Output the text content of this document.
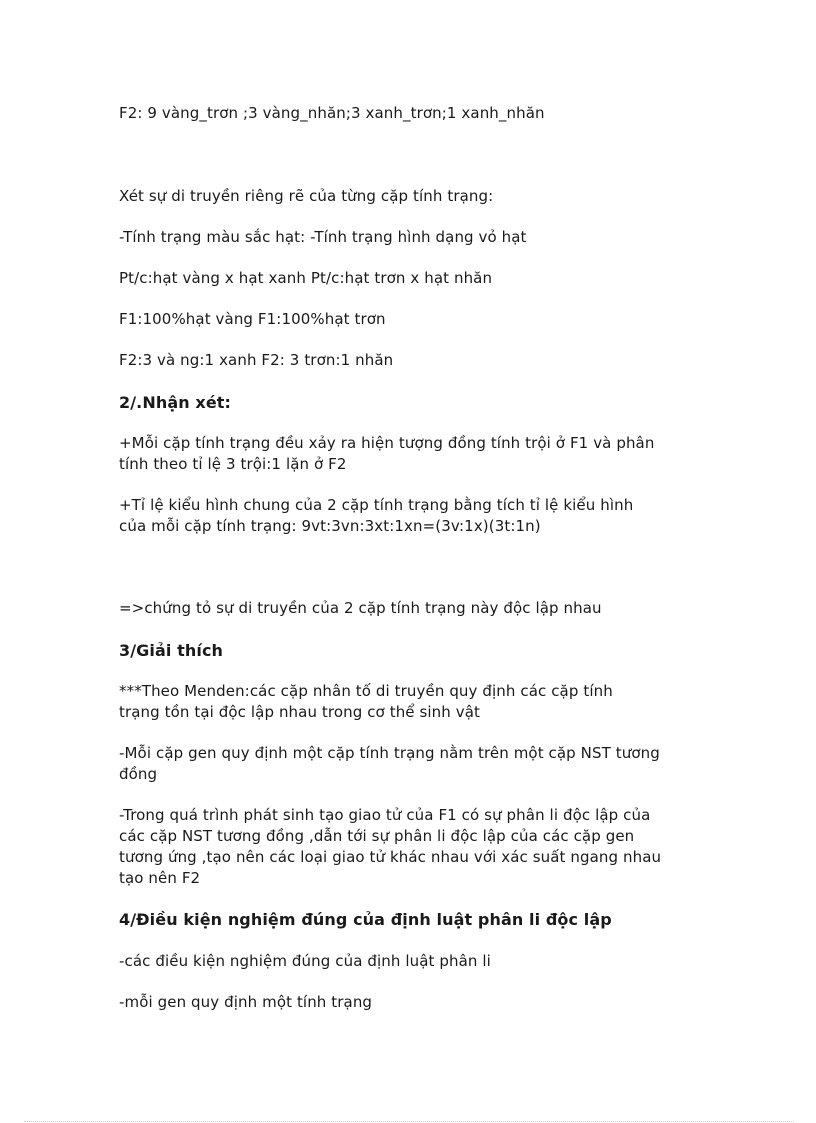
F2: 9 vàng_trơn ;3 vàng_nhăn;3 xanh_trơn;1 xanh_nhăn
Xét sự di truyền riêng rẽ của từng cặp tính trạng:
-Tính trạng màu sắc hạt: -Tính trạng hình dạng vỏ hạt
Pt/c:hạt vàng x hạt xanh Pt/c:hạt trơn x hạt nhăn
F1:100%hạt vàng F1:100%hạt trơn
F2:3 và ng:1 xanh F2: 3 trơn:1 nhăn
2/.Nhận xét:
+Mỗi cặp tính trạng đều xảy ra hiện tượng đồng tính trội ở F1 và phân
tính theo tỉ lệ 3 trội:1 lặn ở F2
+Tỉ lệ kiểu hình chung của 2 cặp tính trạng bằng tích tỉ lệ kiểu hình
của mỗi cặp tính trạng: 9vt:3vn:3xt:1xn=(3v:1x)(3t:1n)
=>chứng tỏ sự di truyền của 2 cặp tính trạng này độc lập nhau
3/Giải thích
***Theo Menden:các cặp nhân tố di truyền quy định các cặp tính
trạng tồn tại độc lập nhau trong cơ thể sinh vật
-Mỗi cặp gen quy định một cặp tính trạng nằm trên một cặp NST tương
đồng
-Trong quá trình phát sinh tạo giao tử của F1 có sự phân li độc lập của
các cặp NST tương đồng ,dẫn tới sự phân li độc lập của các cặp gen
tương ứng ,tạo nên các loại giao tử khác nhau với xác suất ngang nhau
tạo nên F2
4/Điều kiện nghiệm đúng của định luật phân li độc lập
-các điều kiện nghiệm đúng của định luật phân li
-mỗi gen quy định một tính trạng
